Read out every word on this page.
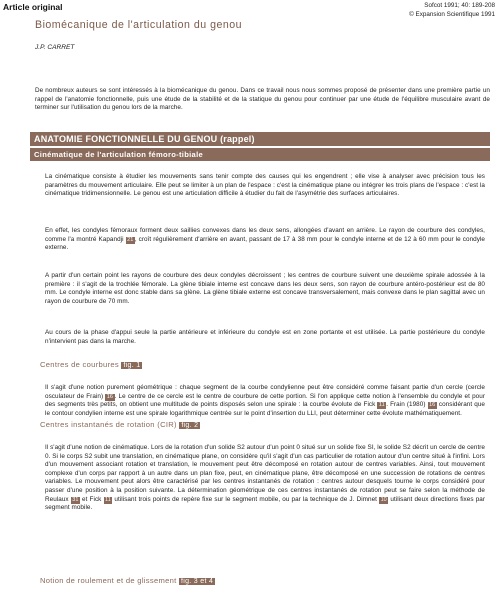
Article original	Sofcot 1991; 40: 189-208
© Expansion Scientifique 1991
Biomécanique de l'articulation du genou
J.P. CARRET
De nombreux auteurs se sont intéressés à la biomécanique du genou. Dans ce travail nous nous sommes proposé de présenter dans une première partie un rappel de l'anatomie fonctionnelle, puis une étude de la stabilité et de la statique du genou pour continuer par une étude de l'équilibre musculaire avant de terminer sur l'utilisation du genou lors de la marche.
ANATOMIE FONCTIONNELLE DU GENOU (rappel)
Cinématique de l'articulation fémoro-tibiale
La cinématique consiste à étudier les mouvements sans tenir compte des causes qui les engendrent ; elle vise à analyser avec précision tous les paramètres du mouvement articulaire. Elle peut se limiter à un plan de l'espace : c'est la cinématique plane ou intégrer les trois plans de l'espace : c'est la cinématique tridimensionnelle. Le genou est une articulation difficile à étudier du fait de l'asymétrie des surfaces articulaires.
En effet, les condyles fémoraux forment deux saillies convexes dans les deux sens, allongées d'avant en arrière. Le rayon de courbure des condyles, comme l'a montré Kapandji 21 , croît régulièrement d'arrière en avant, passant de 17 à 38 mm pour le condyle interne et de 12 à 60 mm pour le condyle externe.
A partir d'un certain point les rayons de courbure des deux condyles décroissent ; les centres de courbure suivent une deuxième spirale adossée à la première : il s'agit de la trochlée fémorale. La glène tibiale interne est concave dans les deux sens, son rayon de courbure antéro-postérieur est de 80 mm. Le condyle interne est donc stable dans sa glène. La glène tibiale externe est concave transversalement, mais convexe dans le plan sagittal avec un rayon de courbure de 70 mm.
Au cours de la phase d'appui seule la partie antérieure et inférieure du condyle est en zone portante et est utilisée. La partie postérieure du condyle n'intervient pas dans la marche.
Centres de courbures fig. 1
Il s'agit d'une notion purement géométrique : chaque segment de la courbe condylienne peut être considéré comme faisant partie d'un cercle (cercle osculateur de Frain) 16 . Le centre de ce cercle est le centre de courbure de cette portion. Si l'on applique cette notion à l'ensemble du condyle et pour des segments très petits, on obtient une multitude de points disposés selon une spirale : la courbe évolute de Fick 11 . Frain (1980) 16 considérant que le contour condylien interne est une spirale logarithmique centrée sur le point d'insertion du LLI, peut déterminer cette évolute mathématiquement.
Centres instantanés de rotation (CIR) fig. 2
Il s'agit d'une notion de cinématique. Lors de la rotation d'un solide S2 autour d'un point 0 situé sur un solide fixe SI, le solide S2 décrit un cercle de centre 0. Si le corps S2 subit une translation, en cinématique plane, on considère qu'il s'agit d'un cas particulier de rotation autour d'un centre situé à l'infini. Lors d'un mouvement associant rotation et translation, le mouvement peut être décomposé en rotation autour de centres variables. Ainsi, tout mouvement complexe d'un corps par rapport à un autre dans un plan fixe, peut, en cinématique plane, être décomposé en une succession de rotations de centres variables. Le mouvement peut alors être caractérisé par les centres instantanés de rotation : centres autour desquels tourne le corps considéré pour passer d'une position à la position suivante. La détermination géométrique de ces centres instantanés de rotation peut se faire selon la méthode de Reulaux 31 et Fick 11 utilisant trois points de repère fixe sur le segment mobile, ou par la technique de J. Dimnet 10 utilisant deux directions fixes par segment mobile.
Notion de roulement et de glissement fig. 3 et 4
